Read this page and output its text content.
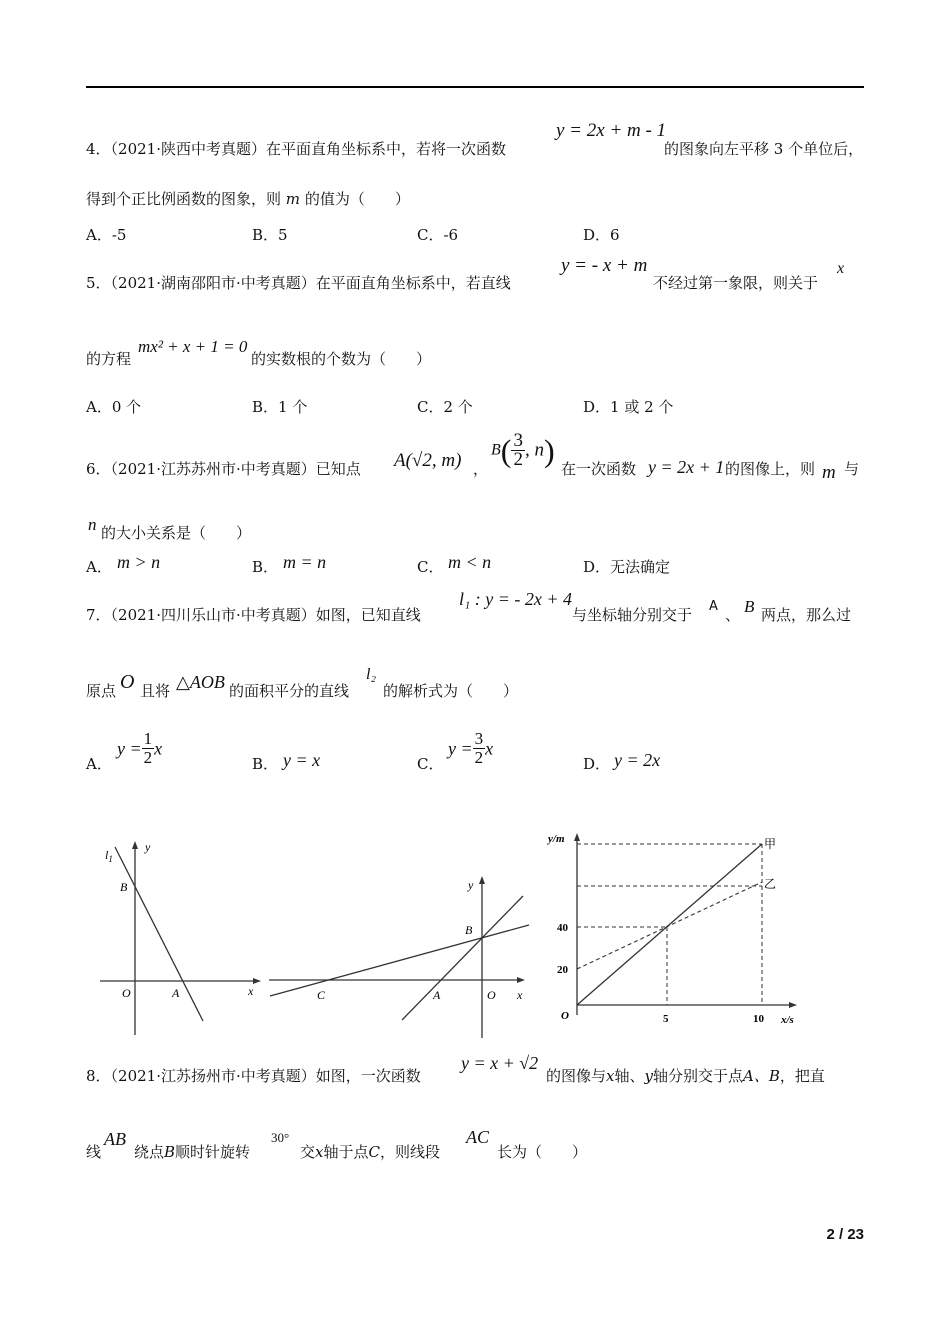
4．（2021·陕西中考真题）在平面直角坐标系中，若将一次函数
y = 2x + m - 1
的图象向左平移 3 个单位后，
得到个正比例函数的图象，则 m 的值为（　　）
A．-5	B．5	C．-6	D．6
5．（2021·湖南邵阳市·中考真题）在平面直角坐标系中，若直线
y = - x + m
不经过第一象限，则关于
x
的方程
mx² + x + 1 = 0
的实数根的个数为（　　）
A．0 个	B．1 个	C．2 个	D．1 或 2 个
6．（2021·江苏苏州市·中考真题）已知点 A(√2, m) ，
$B( \frac{3}{2}$ , n)
在一次函数 y = 2x + 1 的图像上，则 m 与
n 的大小关系是（　　）
A． m > n	B． m = n	C． m < n	D．无法确定
7．（2021·四川乐山市·中考真题）如图，已知直线
l₁ : y = - 2x + 4
与坐标轴分别交于 A 、 B 两点，那么过
原点 O 且将 △AOB 的面积平分的直线
l₂
的解析式为（　　）
A．
$y = \frac{1}{2}$ x
B． y = x	C．
$y = \frac{3}{2}$ x
D． y = 2x
$l_1$
y
x
B
O	A
y
x
B
C	A	O
y/m
x/s
甲
乙
40
20
O	5	10
8．（2021·江苏扬州市·中考真题）如图，一次函数
y = x + √2
的图像与x轴、y轴分别交于点A、B，把直
线
AB
绕点B顺时针旋转
30°
交x轴于点C，则线段
AC
长为（　　）
2 / 23
